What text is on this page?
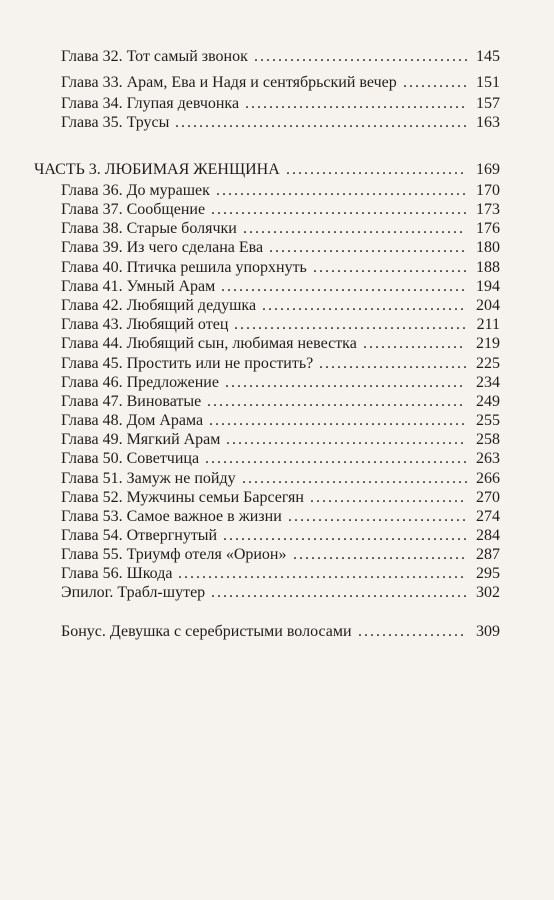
Глава 32. Тот самый звонок .................................... 145
Глава 33. Арам, Ева и Надя и сентябрьский вечер ........... 151
Глава 34. Глупая девчонка ..................................... 157
Глава 35. Трусы ................................................. 163
ЧАСТЬ 3. ЛЮБИМАЯ ЖЕНЩИНА .............................. 169
Глава 36. До мурашек .......................................... 170
Глава 37. Сообщение ........................................... 173
Глава 38. Старые болячки ..................................... 176
Глава 39. Из чего сделана Ева ................................. 180
Глава 40. Птичка решила упорхнуть .......................... 188
Глава 41. Умный Арам ......................................... 194
Глава 42. Любящий дедушка .................................. 204
Глава 43. Любящий отец ....................................... 211
Глава 44. Любящий сын, любимая невестка ................. 219
Глава 45. Простить или не простить? ......................... 225
Глава 46. Предложение ........................................ 234
Глава 47. Виноватые ........................................... 249
Глава 48. Дом Арама ........................................... 255
Глава 49. Мягкий Арам ........................................ 258
Глава 50. Советчица ............................................ 263
Глава 51. Замуж не пойду ...................................... 266
Глава 52. Мужчины семьи Барсегян .......................... 270
Глава 53. Самое важное в жизни .............................. 274
Глава 54. Отвергнутый ......................................... 284
Глава 55. Триумф отеля «Орион» ............................. 287
Глава 56. Шкода ................................................ 295
Эпилог. Трабл-шутер ........................................... 302
Бонус. Девушка с серебристыми волосами .................. 309
